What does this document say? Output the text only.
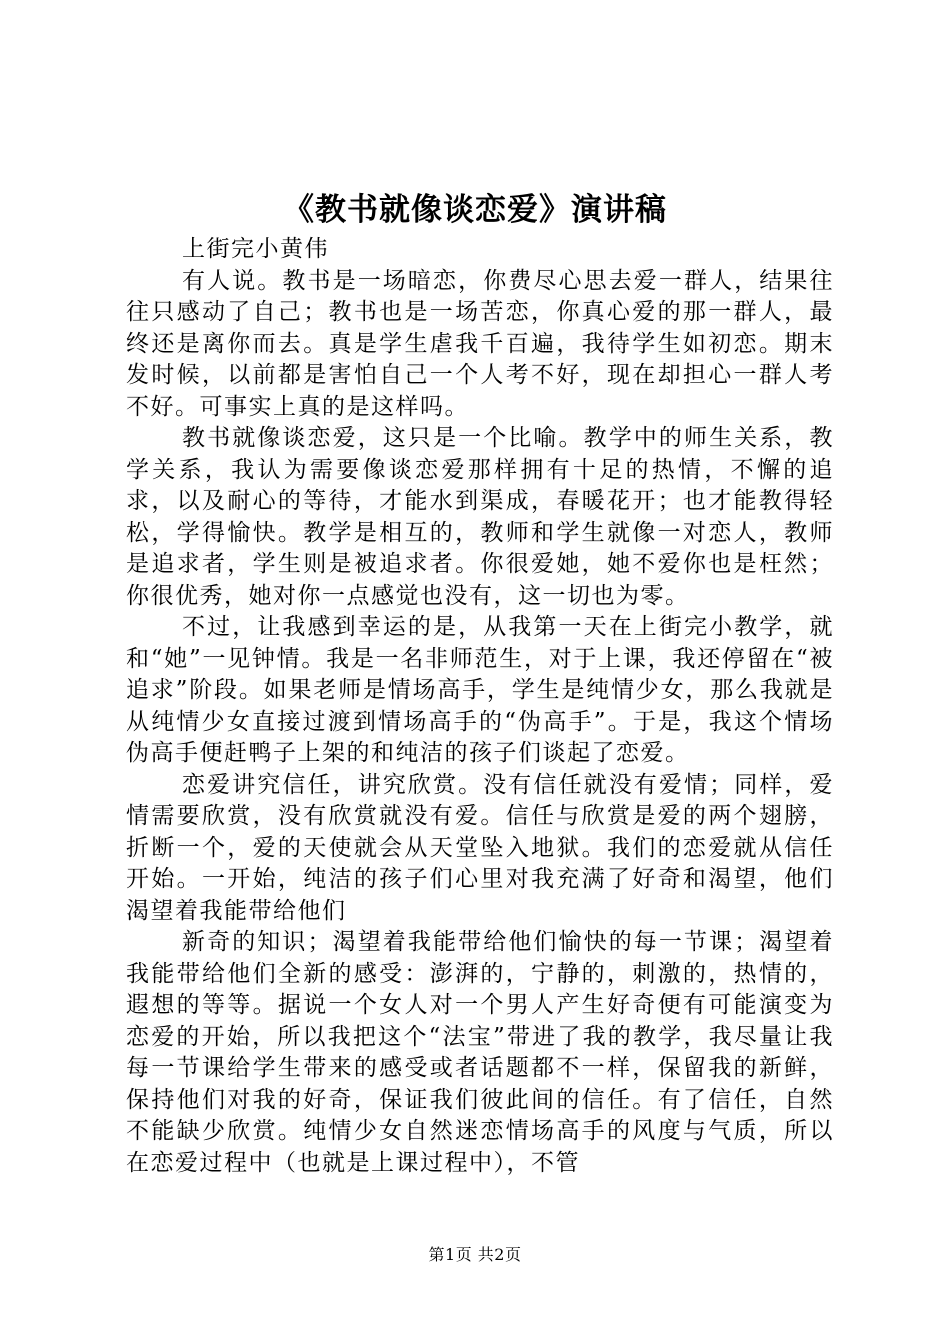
《教书就像谈恋爱》演讲稿

上街完小黄伟

有人说。教书是一场暗恋，你费尽心思去爱一群人，结果往往只感动了自己；教书也是一场苦恋，你真心爱的那一群人，最终还是离你而去。真是学生虐我千百遍，我待学生如初恋。期末发时候，以前都是害怕自己一个人考不好，现在却担心一群人考不好。可事实上真的是这样吗。

教书就像谈恋爱，这只是一个比喻。教学中的师生关系，教学关系，我认为需要像谈恋爱那样拥有十足的热情，不懈的追求，以及耐心的等待，才能水到渠成，春暖花开；也才能教得轻松，学得愉快。教学是相互的，教师和学生就像一对恋人，教师是追求者，学生则是被追求者。你很爱她，她不爱你也是枉然；你很优秀，她对你一点感觉也没有，这一切也为零。

不过，让我感到幸运的是，从我第一天在上街完小教学，就和“她”一见钟情。我是一名非师范生，对于上课，我还停留在“被追求”阶段。如果老师是情场高手，学生是纯情少女，那么我就是从纯情少女直接过渡到情场高手的“伪高手”。于是，我这个情场伪高手便赶鸭子上架的和纯洁的孩子们谈起了恋爱。

恋爱讲究信任，讲究欣赏。没有信任就没有爱情；同样，爱情需要欣赏，没有欣赏就没有爱。信任与欣赏是爱的两个翅膀，折断一个，爱的天使就会从天堂坠入地狱。我们的恋爱就从信任开始。一开始，纯洁的孩子们心里对我充满了好奇和渴望，他们渴望着我能带给他们

新奇的知识；渴望着我能带给他们愉快的每一节课；渴望着我能带给他们全新的感受：澎湃的，宁静的，刺激的，热情的，遐想的等等。据说一个女人对一个男人产生好奇便有可能演变为恋爱的开始，所以我把这个“法宝”带进了我的教学，我尽量让我每一节课给学生带来的感受或者话题都不一样，保留我的新鲜，保持他们对我的好奇，保证我们彼此间的信任。有了信任，自然不能缺少欣赏。纯情少女自然迷恋情场高手的风度与气质，所以在恋爱过程中（也就是上课过程中），不管

第1页 共2页
